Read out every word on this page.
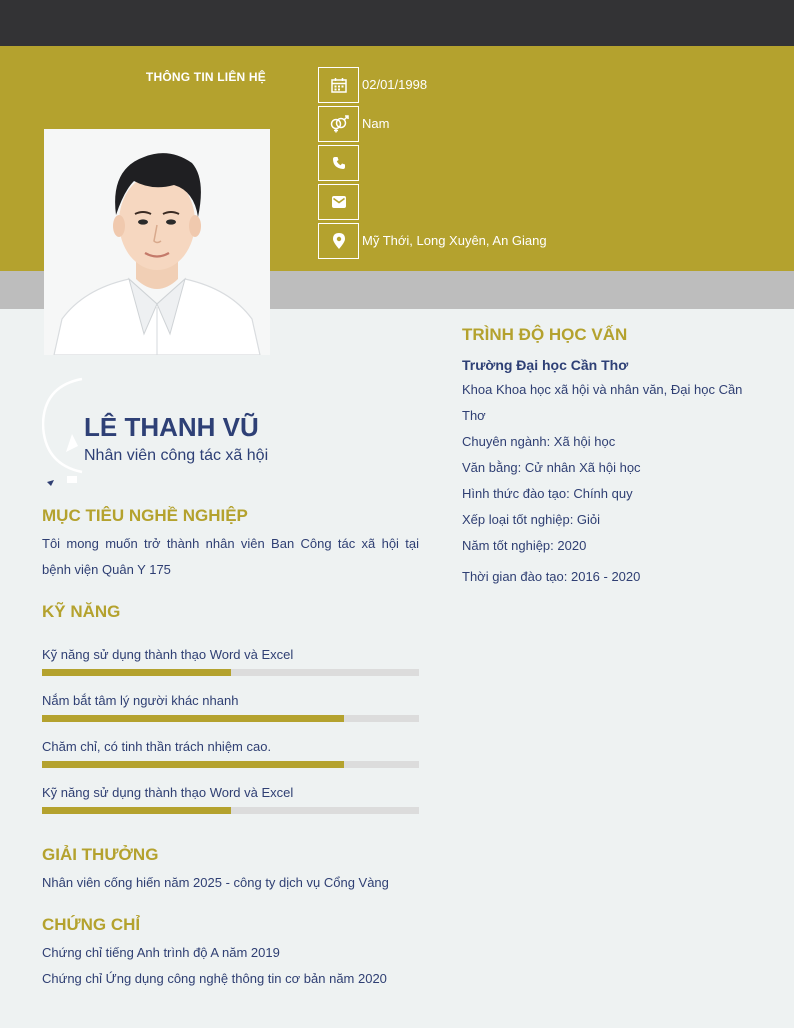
THÔNG TIN LIÊN HỆ	02/01/1998
Nam
Mỹ Thới, Long Xuyên, An Giang
LÊ THANH VŨ
Nhân viên công tác xã hội
MỤC TIÊU NGHỀ NGHIỆP
Tôi mong muốn trở thành nhân viên Ban Công tác xã hội tại bệnh viện Quân Y 175
KỸ NĂNG
Kỹ năng sử dụng thành thạo Word và Excel
Nắm bắt tâm lý người khác nhanh
Chăm chỉ, có tinh thần trách nhiệm cao.
Kỹ năng sử dụng thành thạo Word và Excel
GIẢI THƯỞNG
Nhân viên cống hiến năm 2025 - công ty dịch vụ Cổng Vàng
CHỨNG CHỈ
Chứng chỉ tiếng Anh trình độ A năm 2019
Chứng chỉ Ứng dụng công nghệ thông tin cơ bản năm 2020
TRÌNH ĐỘ HỌC VẤN
Trường Đại học Cần Thơ
Khoa Khoa học xã hội và nhân văn, Đại học Cần Thơ
Chuyên ngành: Xã hội học
Văn bằng: Cử nhân Xã hội học
Hình thức đào tạo: Chính quy
Xếp loại tốt nghiệp: Giỏi
Năm tốt nghiệp: 2020
Thời gian đào tạo: 2016 - 2020
